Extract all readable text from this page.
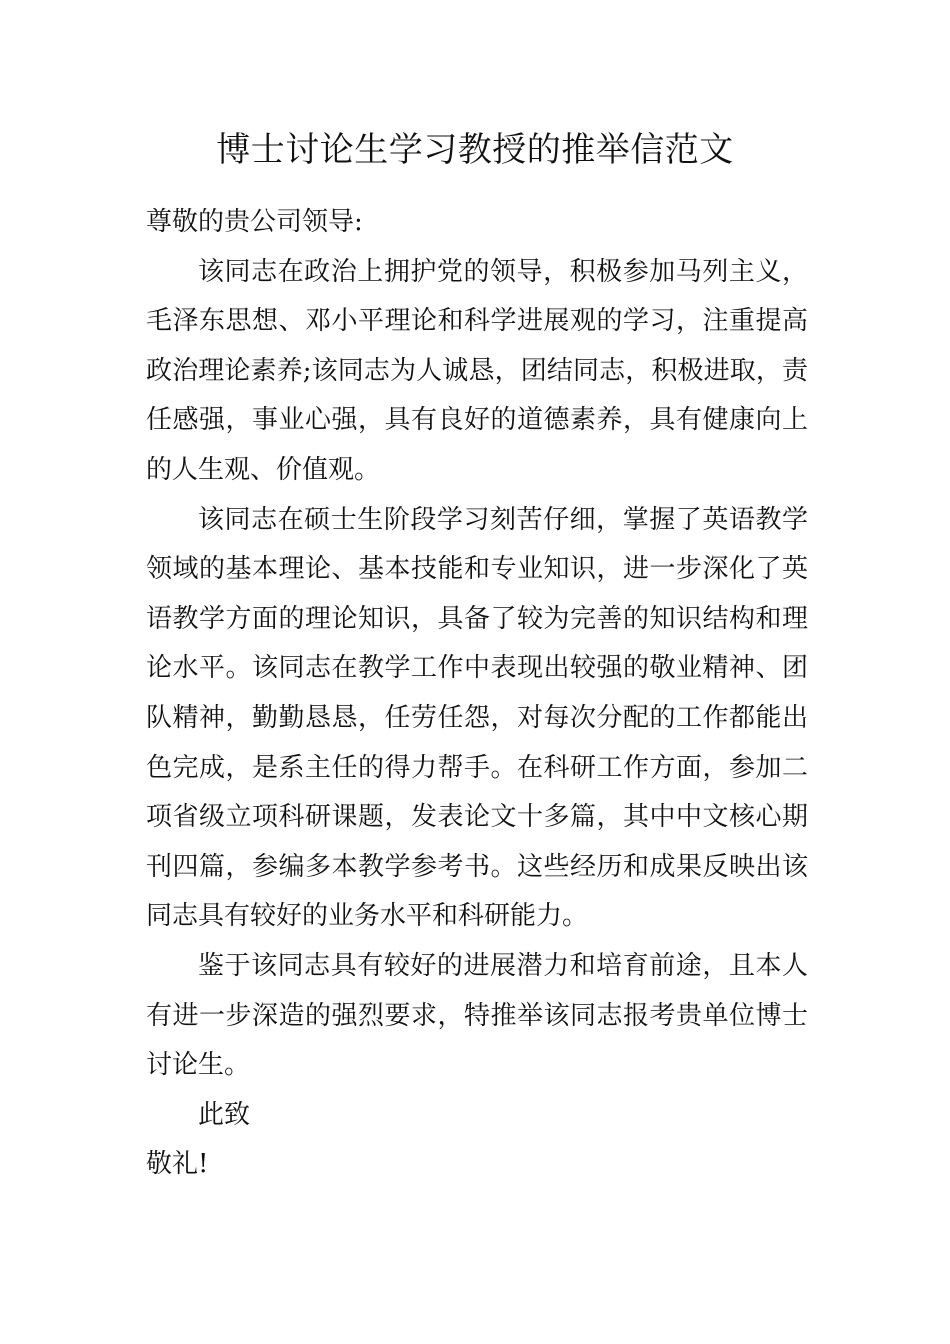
博士讨论生学习教授的推举信范文

尊敬的贵公司领导:

该同志在政治上拥护党的领导，积极参加马列主义，毛泽东思想、邓小平理论和科学进展观的学习，注重提高政治理论素养;该同志为人诚恳，团结同志，积极进取，责任感强，事业心强，具有良好的道德素养，具有健康向上的人生观、价值观。

该同志在硕士生阶段学习刻苦仔细，掌握了英语教学领域的基本理论、基本技能和专业知识，进一步深化了英语教学方面的理论知识，具备了较为完善的知识结构和理论水平。该同志在教学工作中表现出较强的敬业精神、团队精神，勤勤恳恳，任劳任怨，对每次分配的工作都能出色完成，是系主任的得力帮手。在科研工作方面，参加二项省级立项科研课题，发表论文十多篇，其中中文核心期刊四篇，参编多本教学参考书。这些经历和成果反映出该同志具有较好的业务水平和科研能力。

鉴于该同志具有较好的进展潜力和培育前途，且本人有进一步深造的强烈要求，特推举该同志报考贵单位博士讨论生。

此致

敬礼!
